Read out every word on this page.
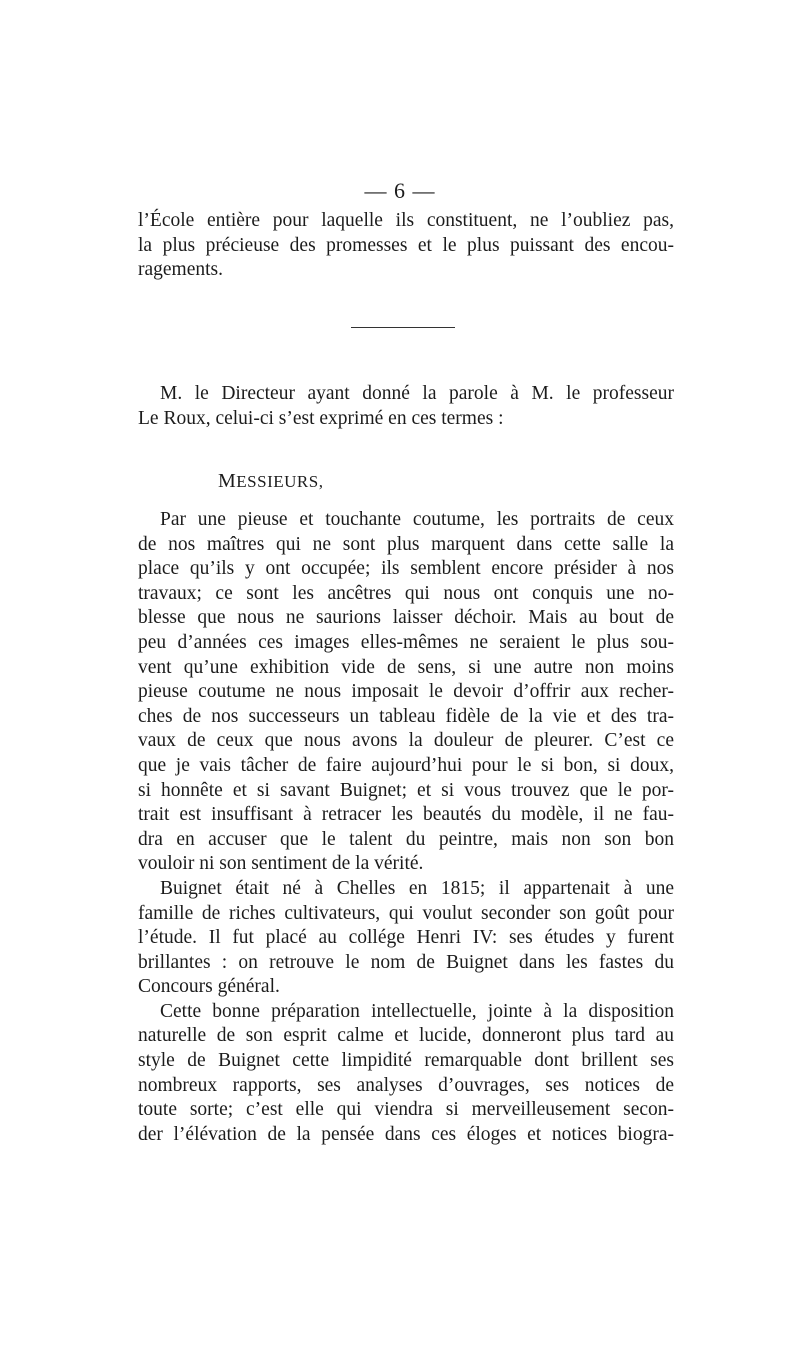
— 6 —
l’École entière pour laquelle ils constituent, ne l’oubliez pas,
la plus précieuse des promesses et le plus puissant des encou-
ragements.
M. le Directeur ayant donné la parole à M. le professeur
Le Roux, celui-ci s’est exprimé en ces termes :
MESSIEURS,
Par une pieuse et touchante coutume, les portraits de ceux
de nos maîtres qui ne sont plus marquent dans cette salle la
place qu’ils y ont occupée; ils semblent encore présider à nos
travaux; ce sont les ancêtres qui nous ont conquis une no-
blesse que nous ne saurions laisser déchoir. Mais au bout de
peu d’années ces images elles-mêmes ne seraient le plus sou-
vent qu’une exhibition vide de sens, si une autre non moins
pieuse coutume ne nous imposait le devoir d’offrir aux recher-
ches de nos successeurs un tableau fidèle de la vie et des tra-
vaux de ceux que nous avons la douleur de pleurer. C’est ce
que je vais tâcher de faire aujourd’hui pour le si bon, si doux,
si honnête et si savant Buignet; et si vous trouvez que le por-
trait est insuffisant à retracer les beautés du modèle, il ne fau-
dra en accuser que le talent du peintre, mais non son bon
vouloir ni son sentiment de la vérité.
Buignet était né à Chelles en 1815; il appartenait à une
famille de riches cultivateurs, qui voulut seconder son goût pour
l’étude. Il fut placé au collége Henri IV: ses études y furent
brillantes : on retrouve le nom de Buignet dans les fastes du
Concours général.
Cette bonne préparation intellectuelle, jointe à la disposition
naturelle de son esprit calme et lucide, donneront plus tard au
style de Buignet cette limpidité remarquable dont brillent ses
nombreux rapports, ses analyses d’ouvrages, ses notices de
toute sorte; c’est elle qui viendra si merveilleusement secon-
der l’élévation de la pensée dans ces éloges et notices biogra-
